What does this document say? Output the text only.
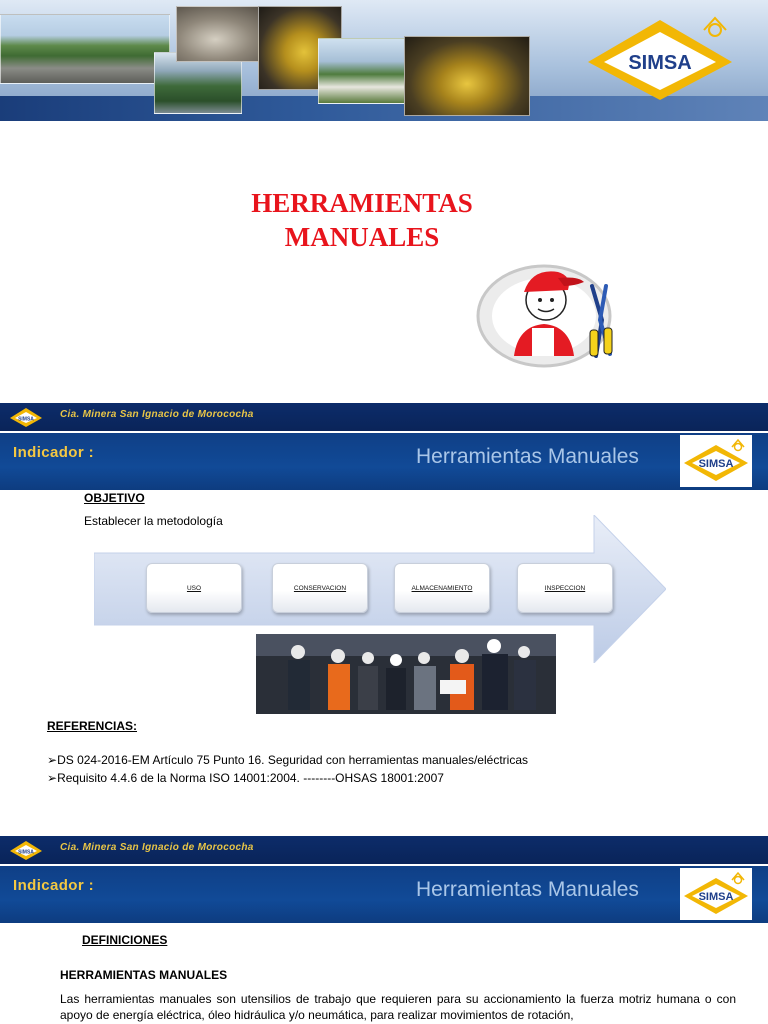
SIMSA
HERRAMIENTAS
MANUALES
SIMSA	Cia. Minera San Ignacio de Morococha
Indicador :	Herramientas Manuales	SIMSA
OBJETIVO
Establecer la metodología
USO	CONSERVACION	ALMACENAMIENTO	INSPECCION
REFERENCIAS:
➢DS 024-2016-EM Artículo 75 Punto 16. Seguridad con herramientas manuales/eléctricas
➢Requisito 4.4.6 de la Norma ISO 14001:2004. --------OHSAS 18001:2007
SIMSA	Cia. Minera San Ignacio de Morococha
Indicador :	Herramientas Manuales	SIMSA
DEFINICIONES
HERRAMIENTAS MANUALES
Las herramientas manuales son utensilios de trabajo que requieren para su accionamiento la fuerza motriz humana o con apoyo de energía eléctrica, óleo hidráulica y/o neumática, para realizar movimientos de rotación,
